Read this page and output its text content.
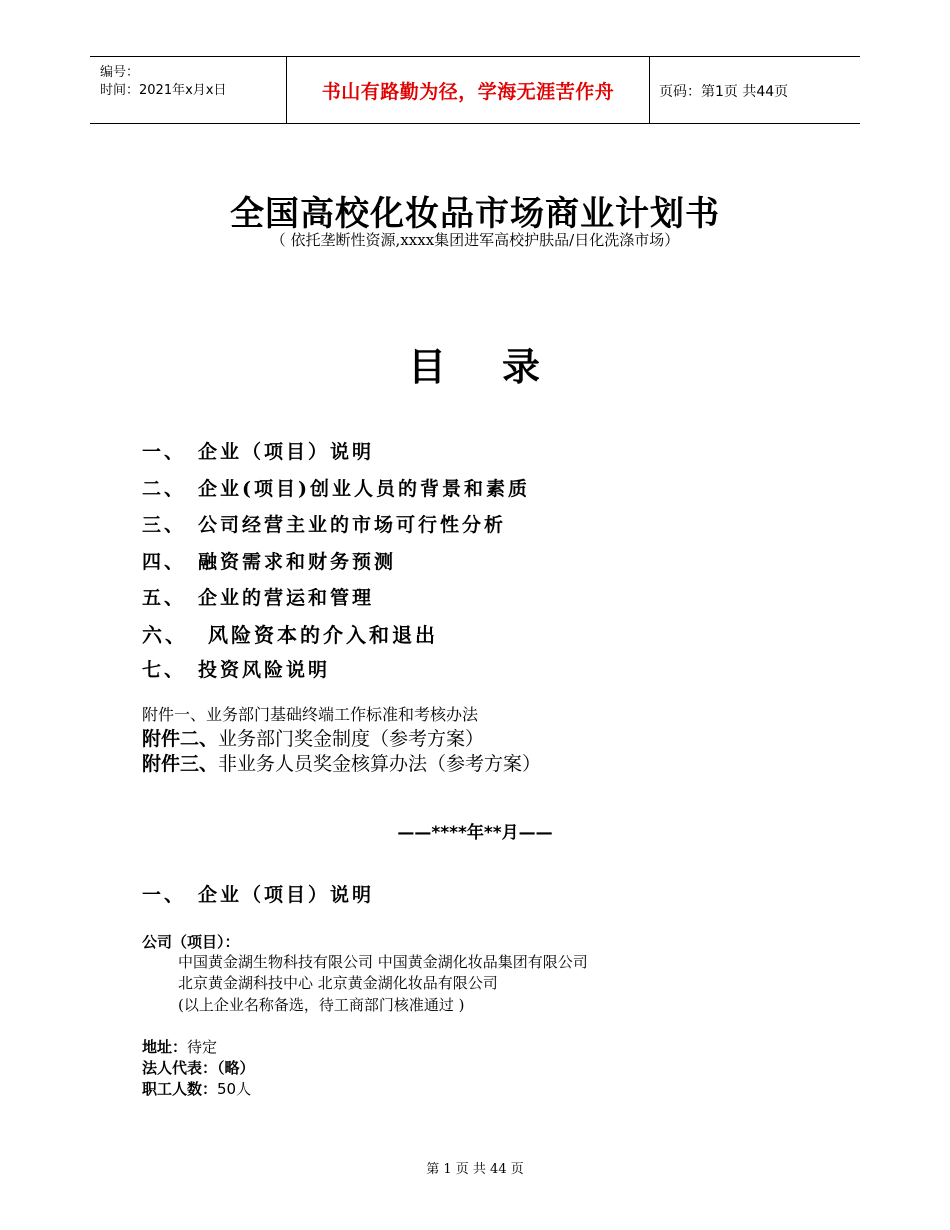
编号：
时间：2021年x月x日	书山有路勤为径，学海无涯苦作舟	页码：第1页 共44页
全国高校化妆品市场商业计划书
（ 依托垄断性资源,xxxx集团进军高校护肤品/日化洗涤市场）
目 录
一、 企业（项目）说明
二、 企业(项目)创业人员的背景和素质
三、 公司经营主业的市场可行性分析
四、 融资需求和财务预测
五、 企业的营运和管理
六、 风险资本的介入和退出
七、 投资风险说明
附件一、业务部门基础终端工作标准和考核办法
附件二、业务部门奖金制度（参考方案）
附件三、非业务人员奖金核算办法（参考方案）
——****年**月——
一、 企业（项目）说明
公司（项目）：
中国黄金湖生物科技有限公司 中国黄金湖化妆品集团有限公司
北京黄金湖科技中心 北京黄金湖化妆品有限公司
(以上企业名称备选，待工商部门核准通过 )
地址：待定
法人代表：（略）
职工人数：50人
第 1 页 共 44 页
